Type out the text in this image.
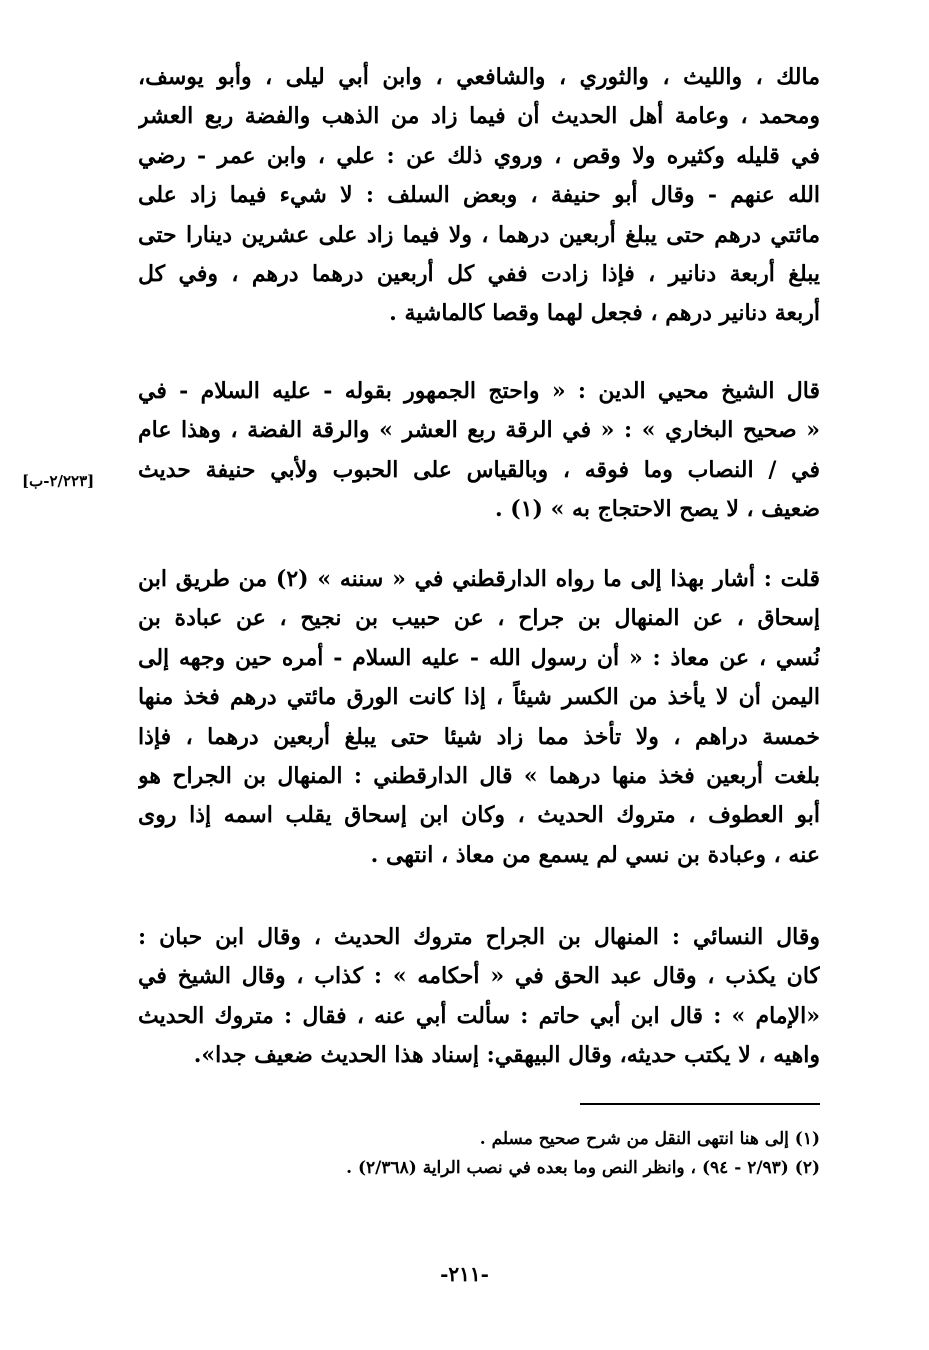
مالك ، والليث ، والثوري ، والشافعي ، وابن أبي ليلى ، وأبو يوسف،
ومحمد ، وعامة أهل الحديث أن فيما زاد من الذهب والفضة ربع العشر
في قليله وكثيره ولا وقص ، وروي ذلك عن : علي ، وابن عمر - رضي
الله عنهم - وقال أبو حنيفة ، وبعض السلف : لا شيء فيما زاد على
مائتي درهم حتى يبلغ أربعين درهما ، ولا فيما زاد على عشرين دينارا حتى
يبلغ أربعة دنانير ، فإذا زادت ففي كل أربعين درهما درهم ، وفي كل
أربعة دنانير درهم ، فجعل لهما وقصا كالماشية .
قال الشيخ محيي الدين : « واحتج الجمهور بقوله - عليه السلام - في
« صحيح البخاري » : « في الرقة ربع العشر » والرقة الفضة ، وهذا عام
في / النصاب وما فوقه ، وبالقياس على الحبوب ولأبي حنيفة حديث
ضعيف ، لا يصح الاحتجاج به » (١) .
[٢/٢٢٣-ب]
قلت : أشار بهذا إلى ما رواه الدارقطني في « سننه » (٢) من طريق ابن
إسحاق ، عن المنهال بن جراح ، عن حبيب بن نجيح ، عن عبادة بن
نُسي ، عن معاذ : « أن رسول الله - عليه السلام - أمره حين وجهه إلى
اليمن أن لا يأخذ من الكسر شيئاً ، إذا كانت الورق مائتي درهم فخذ منها
خمسة دراهم ، ولا تأخذ مما زاد شيئا حتى يبلغ أربعين درهما ، فإذا
بلغت أربعين فخذ منها درهما » قال الدارقطني : المنهال بن الجراح هو
أبو العطوف ، متروك الحديث ، وكان ابن إسحاق يقلب اسمه إذا روى
عنه ، وعبادة بن نسي لم يسمع من معاذ ، انتهى .
وقال النسائي : المنهال بن الجراح متروك الحديث ، وقال ابن حبان :
كان يكذب ، وقال عبد الحق في « أحكامه » : كذاب ، وقال الشيخ في
«الإمام » : قال ابن أبي حاتم : سألت أبي عنه ، فقال : متروك الحديث
واهيه ، لا يكتب حديثه، وقال البيهقي: إسناد هذا الحديث ضعيف جدا».
(١) إلى هنا انتهى النقل من شرح صحيح مسلم .
(٢) (٢/٩٣ - ٩٤) ، وانظر النص وما بعده في نصب الراية (٢/٣٦٨) .
-٢١١-
